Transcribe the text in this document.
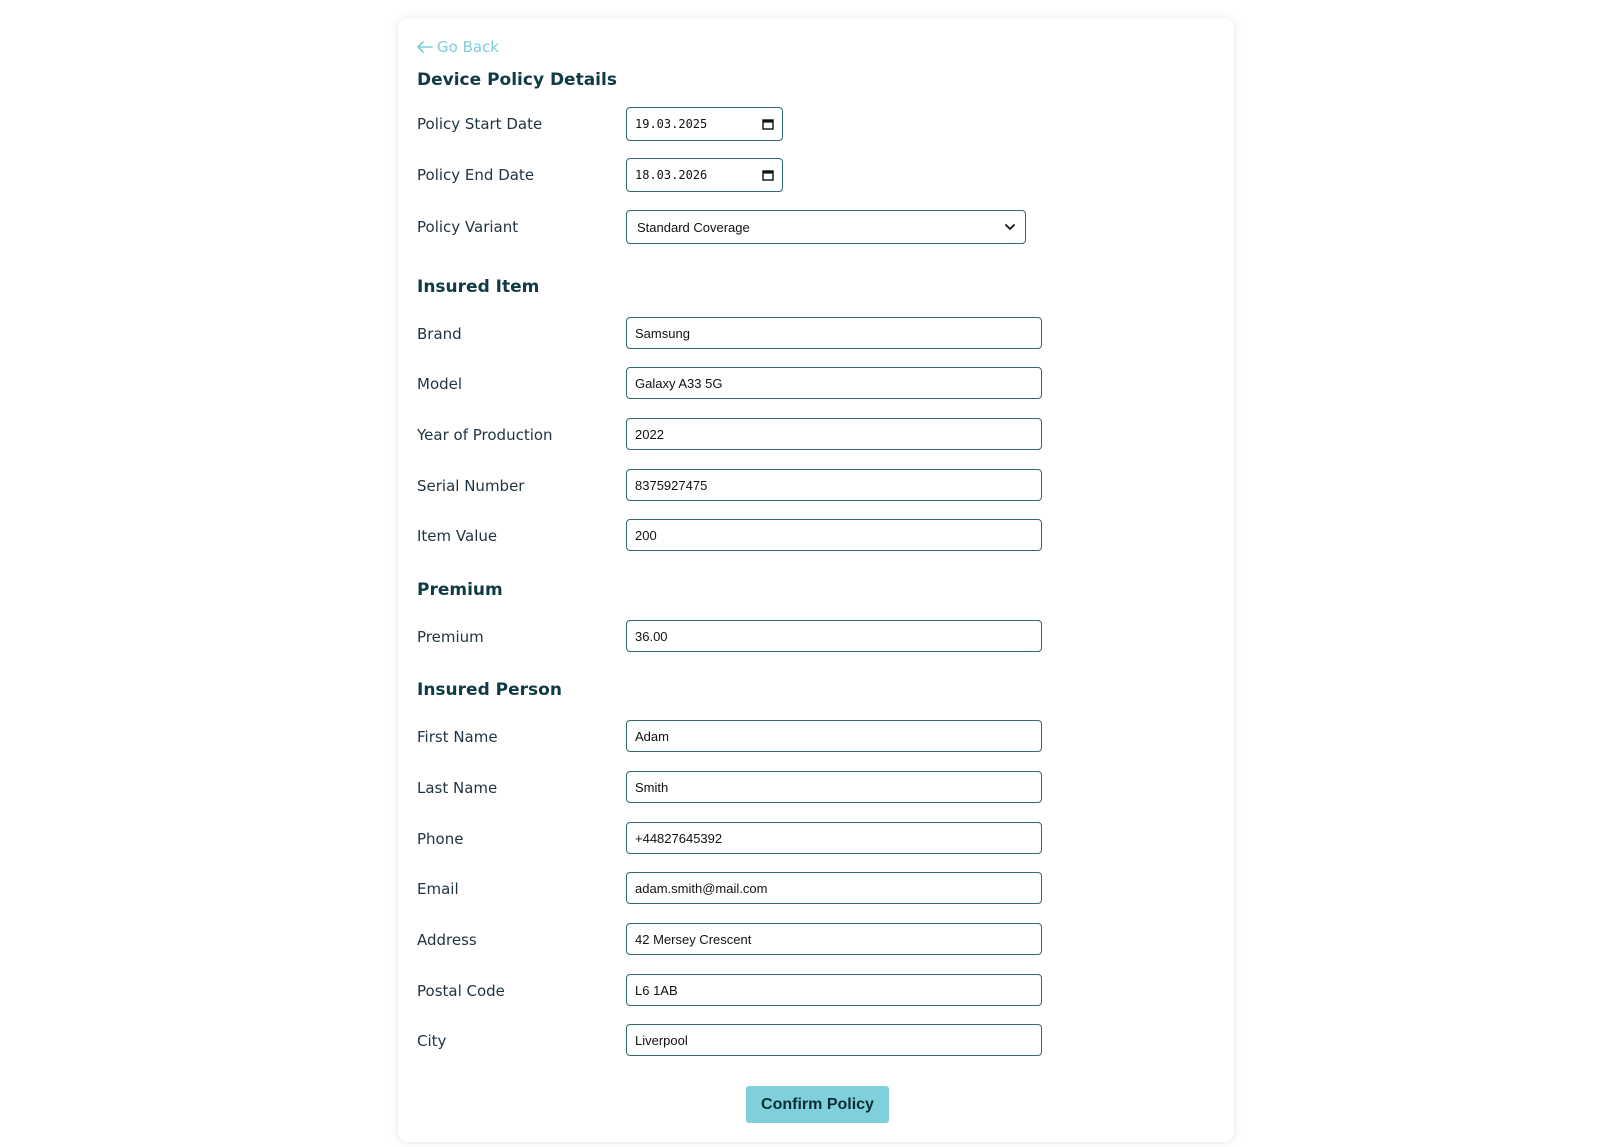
Go Back
Device Policy Details
Policy Start Date
19.03.2025
Policy End Date
18.03.2026
Policy Variant	Standard Coverage
Insured Item
Brand
Samsung
Model
Galaxy A33 5G
Year of Production
2022
Serial Number
8375927475
Item Value
200
Premium
Premium
36.00
Insured Person
First Name
Adam
Last Name
Smith
Phone
+44827645392
Email
adam.smith@mail.com
Address
42 Mersey Crescent
Postal Code
L6 1AB
City
Liverpool
Confirm Policy
